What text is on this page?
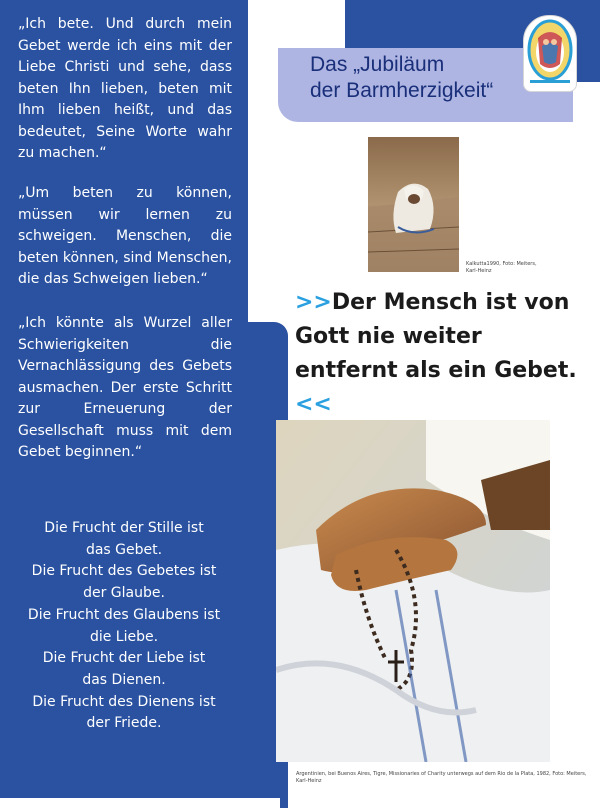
Das „Jubiläum
der Barmherzigkeit“
„Ich bete. Und durch mein Gebet werde ich eins mit der Liebe Christi und sehe, dass beten Ihn lieben, beten mit Ihm lieben heißt, und das bedeutet, Seine Worte wahr zu machen.“
„Um beten zu können, müssen wir lernen zu schweigen. Menschen, die beten können, sind Menschen, die das Schweigen lieben.“
„Ich könnte als Wurzel aller Schwierigkeiten die Vernachlässigung des Gebets ausmachen. Der erste Schritt zur Erneuerung der Gesellschaft muss mit dem Gebet beginnen.“
Die Frucht der Stille ist
das Gebet.
Die Frucht des Gebetes ist
der Glaube.
Die Frucht des Glaubens ist
die Liebe.
Die Frucht der Liebe ist
das Dienen.
Die Frucht des Dienens ist
der Friede.
Kalkutta1990, Foto: Meiters, Karl-Heinz
>>Der Mensch ist von Gott nie weiter entfernt als ein Gebet.<<
Argentinien, bei Buenos Aires, Tigre, Missionaries of Charity unterwegs auf dem Rio de la Plata, 1982, Foto: Meiters, Karl-Heinz
